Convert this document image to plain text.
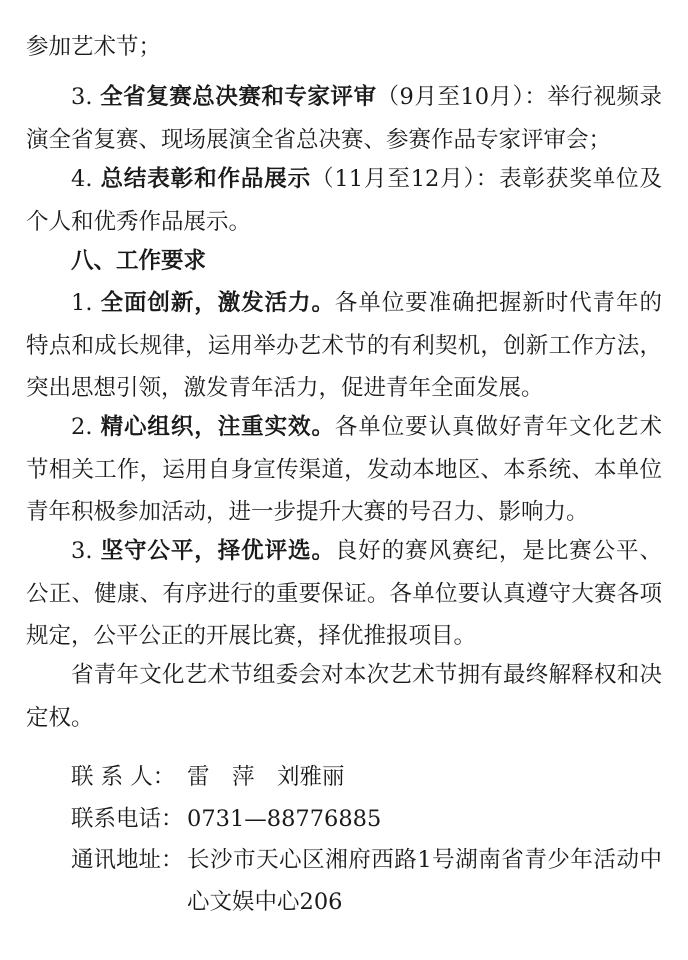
参加艺术节；

3. 全省复赛总决赛和专家评审（9月至10月）：举行视频录演全省复赛、现场展演全省总决赛、参赛作品专家评审会；

4. 总结表彰和作品展示（11月至12月）：表彰获奖单位及个人和优秀作品展示。

八、工作要求

1. 全面创新，激发活力。各单位要准确把握新时代青年的特点和成长规律，运用举办艺术节的有利契机，创新工作方法，突出思想引领，激发青年活力，促进青年全面发展。

2. 精心组织，注重实效。各单位要认真做好青年文化艺术节相关工作，运用自身宣传渠道，发动本地区、本系统、本单位青年积极参加活动，进一步提升大赛的号召力、影响力。

3. 坚守公平，择优评选。良好的赛风赛纪，是比赛公平、公正、健康、有序进行的重要保证。各单位要认真遵守大赛各项规定，公平公正的开展比赛，择优推报项目。

省青年文化艺术节组委会对本次艺术节拥有最终解释权和决定权。

联 系 人： 雷　萍　刘雅丽

联系电话： 0731—88776885

通讯地址： 长沙市天心区湘府西路1号湖南省青少年活动中心文娱中心206
